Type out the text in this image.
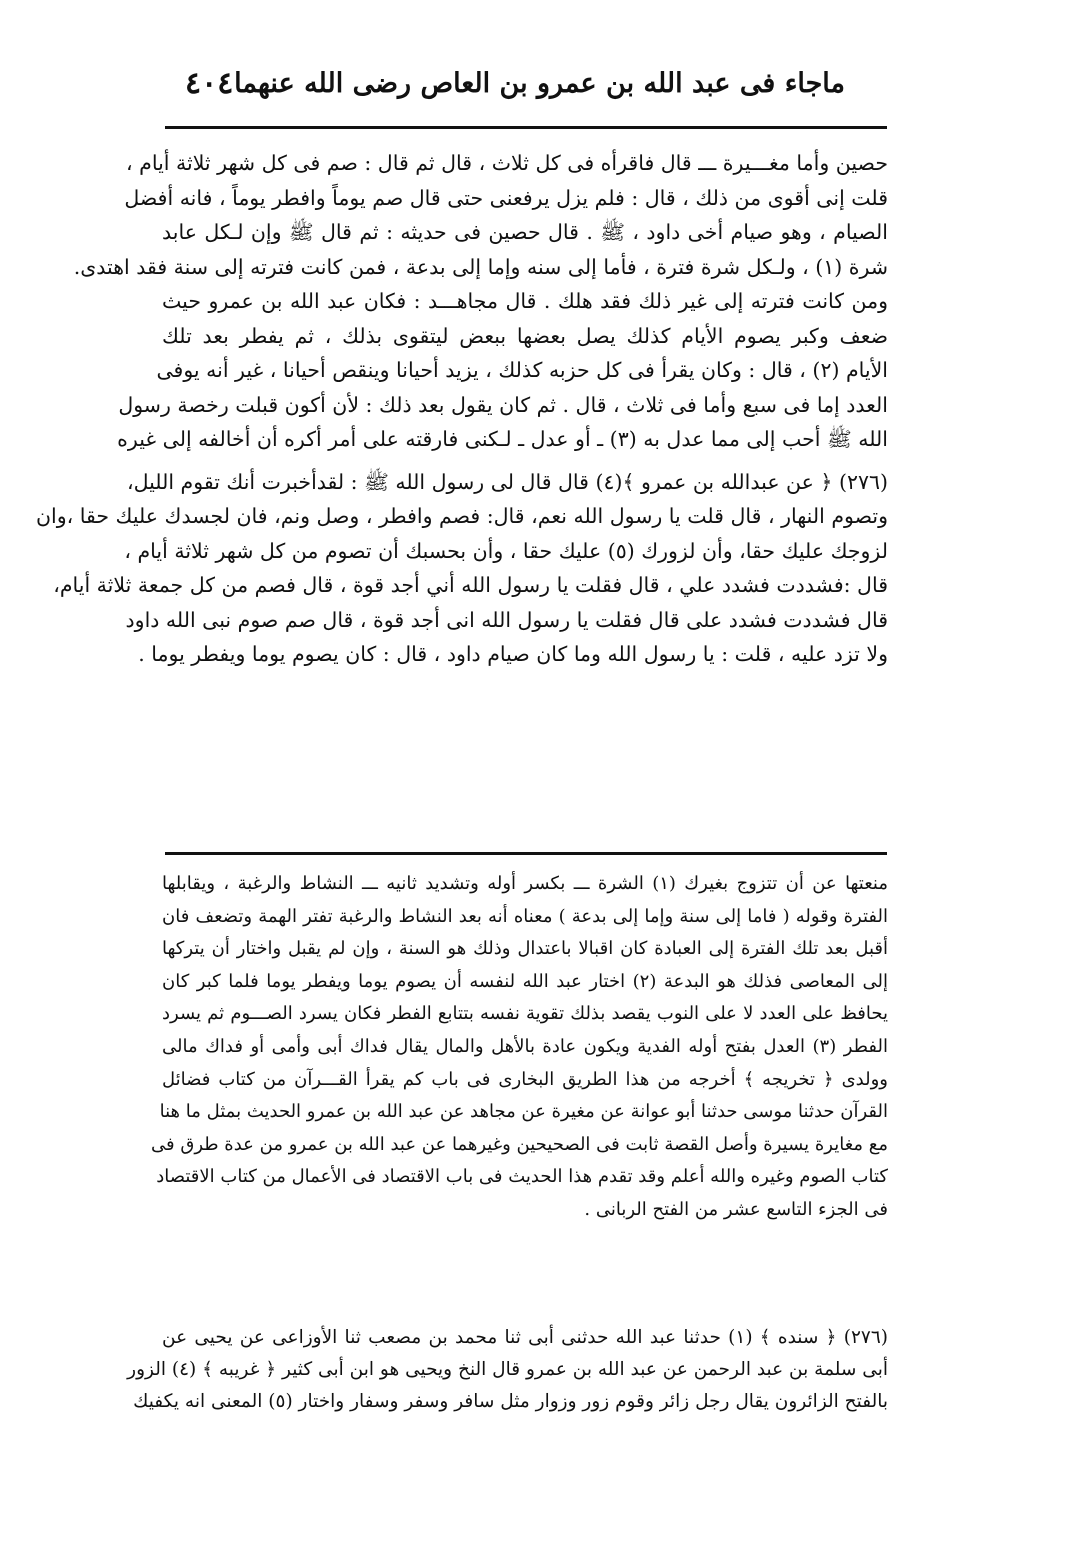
ماجاء فى عبد الله بن عمرو بن العاص رضى الله عنهما
٤٠٤
حصين وأما مغـــيرة ـــ قال فاقرأه فى كل ثلاث ، قال ثم قال : صم فى كل شهر ثلاثة أيام ،
قلت إنى أقوى من ذلك ، قال : فلم يزل يرفعنى حتى قال صم يوماً وافطر يوماً ، فانه أفضل
الصيام ، وهو صيام أخى داود ، ﷺ . قال حصين فى حديثه : ثم قال ﷺ وإن لـكل عابد
شرة (١) ، ولـكل شرة فترة ، فأما إلى سنه وإما إلى بدعة ، فمن كانت فترته إلى سنة فقد اهتدى.
ومن كانت فترته إلى غير ذلك فقد هلك . قال مجاهـــد : فكان عبد الله بن عمرو حيث
ضعف وكبر يصوم الأيام كذلك يصل بعضها ببعض ليتقوى بذلك ، ثم يفطر بعد تلك
الأيام (٢) ، قال : وكان يقرأ فى كل حزبه كذلك ، يزيد أحيانا وينقص أحيانا ، غير أنه يوفى
العدد إما فى سبع وأما فى ثلاث ، قال . ثم كان يقول بعد ذلك : لأن أكون قبلت رخصة رسول
الله ﷺ أحب إلى مما عدل به (٣) ـ أو عدل ـ لـكنى فارقته على أمر أكره أن أخالفه إلى غيره
(٢٧٦) ﴿ عن عبدالله بن عمرو ﴾(٤) قال قال لى رسول الله ﷺ : لقدأخبرت أنك تقوم الليل،
وتصوم النهار ، قال قلت يا رسول الله نعم، قال: فصم وافطر ، وصل ونم، فان لجسدك عليك حقا ،وان
لزوجك عليك حقا، وأن لزورك (٥) عليك حقا ، وأن بحسبك أن تصوم من كل شهر ثلاثة أيام ،
قال :فشددت فشدد علي ، قال فقلت يا رسول الله أني أجد قوة ، قال فصم من كل جمعة ثلاثة أيام،
قال فشددت فشدد على قال فقلت يا رسول الله انى أجد قوة ، قال صم صوم نبى الله داود
ولا تزد عليه ، قلت : يا رسول الله وما كان صيام داود ، قال : كان يصوم يوما ويفطر يوما .
منعتها عن أن تتزوج بغيرك (١) الشرة ـــ بكسر أوله وتشديد ثانيه ـــ النشاط والرغبة ، ويقابلها
الفترة وقوله ( فاما إلى سنة وإما إلى بدعة ) معناه أنه بعد النشاط والرغبة تفتر الهمة وتضعف فان
أقبل بعد تلك الفترة إلى العبادة كان اقبالا باعتدال وذلك هو السنة ، وإن لم يقبل واختار أن يتركها
إلى المعاصى فذلك هو البدعة (٢) اختار عبد الله لنفسه أن يصوم يوما ويفطر يوما فلما كبر كان
يحافظ على العدد لا على النوب يقصد بذلك تقوية نفسه بتتابع الفطر فكان يسرد الصـــوم ثم يسرد
الفطر (٣) العدل بفتح أوله الفدية ويكون عادة بالأهل والمال يقال فداك أبى وأمى أو فداك مالى
وولدى ﴿ تخريجه ﴾ أخرجه من هذا الطريق البخارى فى باب كم يقرأ القـــرآن من كتاب فضائل
القرآن حدثنا موسى حدثنا أبو عوانة عن مغيرة عن مجاهد عن عبد الله بن عمرو الحديث بمثل ما هنا
مع مغايرة يسيرة وأصل القصة ثابت فى الصحيحين وغيرهما عن عبد الله بن عمرو من عدة طرق فى
كتاب الصوم وغيره والله أعلم وقد تقدم هذا الحديث فى باب الاقتصاد فى الأعمال من كتاب الاقتصاد
فى الجزء التاسع عشر من الفتح الربانى .
(٢٧٦) ﴿ سنده ﴾ (١) حدثنا عبد الله حدثنى أبى ثنا محمد بن مصعب ثنا الأوزاعى عن يحيى عن
أبى سلمة بن عبد الرحمن عن عبد الله بن عمرو قال النخ ويحيى هو ابن أبى كثير ﴿ غريبه ﴾ (٤) الزور
بالفتح الزائرون يقال رجل زائر وقوم زور وزوار مثل سافر وسفر وسفار واختار (٥) المعنى انه يكفيك
